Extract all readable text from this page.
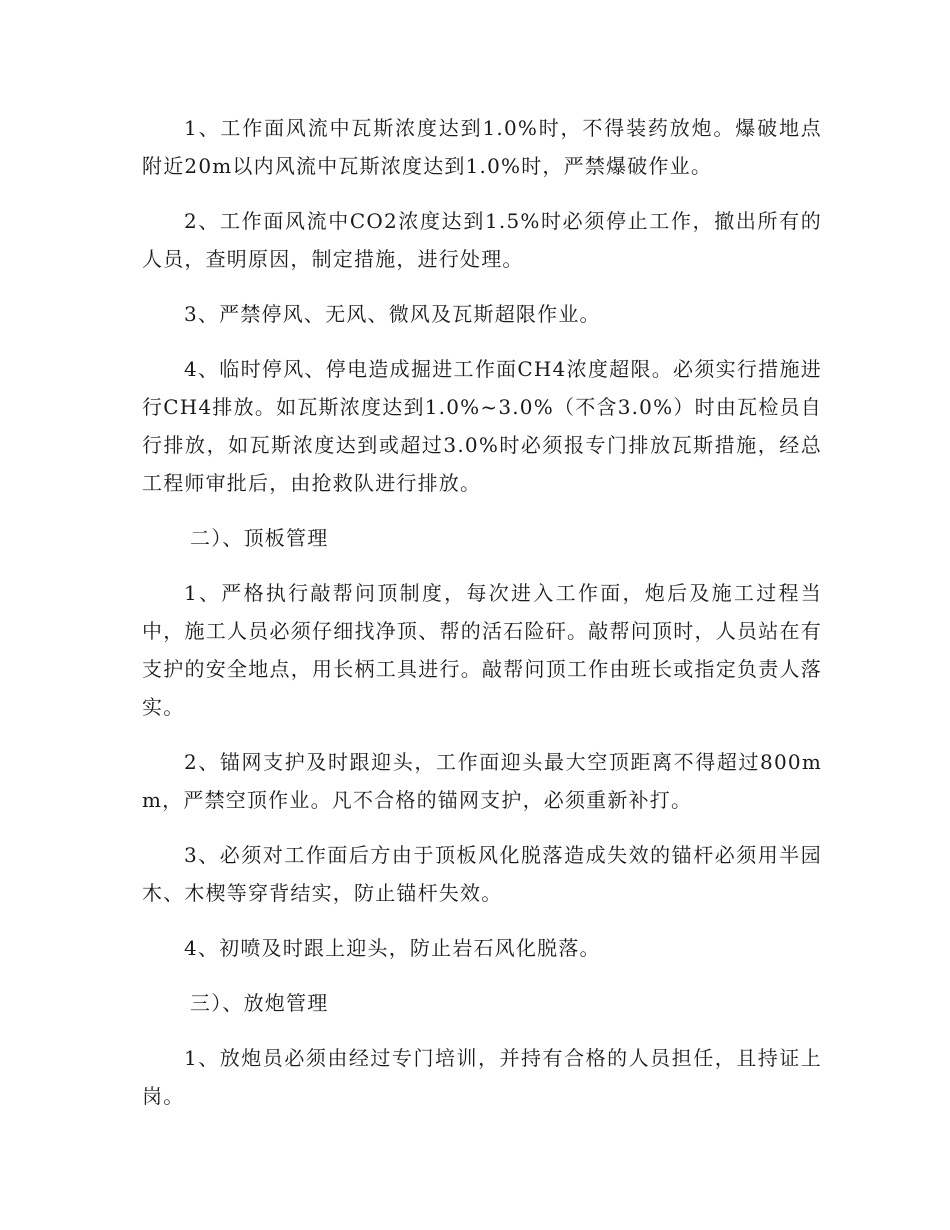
1、工作面风流中瓦斯浓度达到1.0%时，不得装药放炮。爆破地点附近20m以内风流中瓦斯浓度达到1.0%时，严禁爆破作业。

2、工作面风流中CO2浓度达到1.5%时必须停止工作，撤出所有的人员，查明原因，制定措施，进行处理。

3、严禁停风、无风、微风及瓦斯超限作业。

4、临时停风、停电造成掘进工作面CH4浓度超限。必须实行措施进行CH4排放。如瓦斯浓度达到1.0%~3.0%（不含3.0%）时由瓦检员自行排放，如瓦斯浓度达到或超过3.0%时必须报专门排放瓦斯措施，经总工程师审批后，由抢救队进行排放。

二）、顶板管理

1、严格执行敲帮问顶制度，每次进入工作面，炮后及施工过程当中，施工人员必须仔细找净顶、帮的活石险矸。敲帮问顶时，人员站在有支护的安全地点，用长柄工具进行。敲帮问顶工作由班长或指定负责人落实。

2、锚网支护及时跟迎头，工作面迎头最大空顶距离不得超过800mm，严禁空顶作业。凡不合格的锚网支护，必须重新补打。

3、必须对工作面后方由于顶板风化脱落造成失效的锚杆必须用半园木、木楔等穿背结实，防止锚杆失效。

4、初喷及时跟上迎头，防止岩石风化脱落。

三）、放炮管理

1、放炮员必须由经过专门培训，并持有合格的人员担任，且持证上岗。
